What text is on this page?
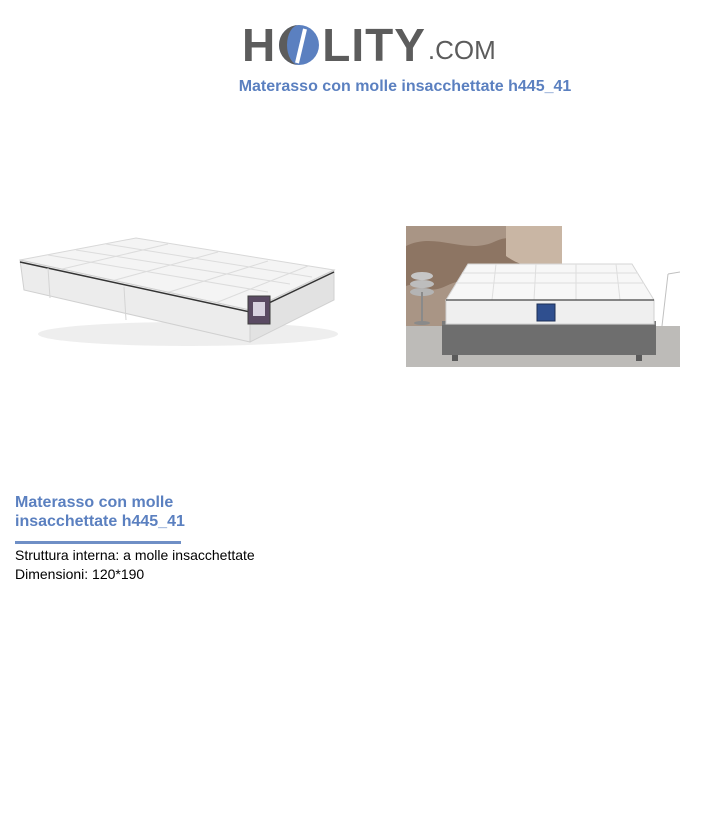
H LITY .COM
Materasso con molle insacchettate h445_41
Materasso con molle
insacchettate h445_41
Struttura interna: a molle insacchettate
Dimensioni: 120*190
